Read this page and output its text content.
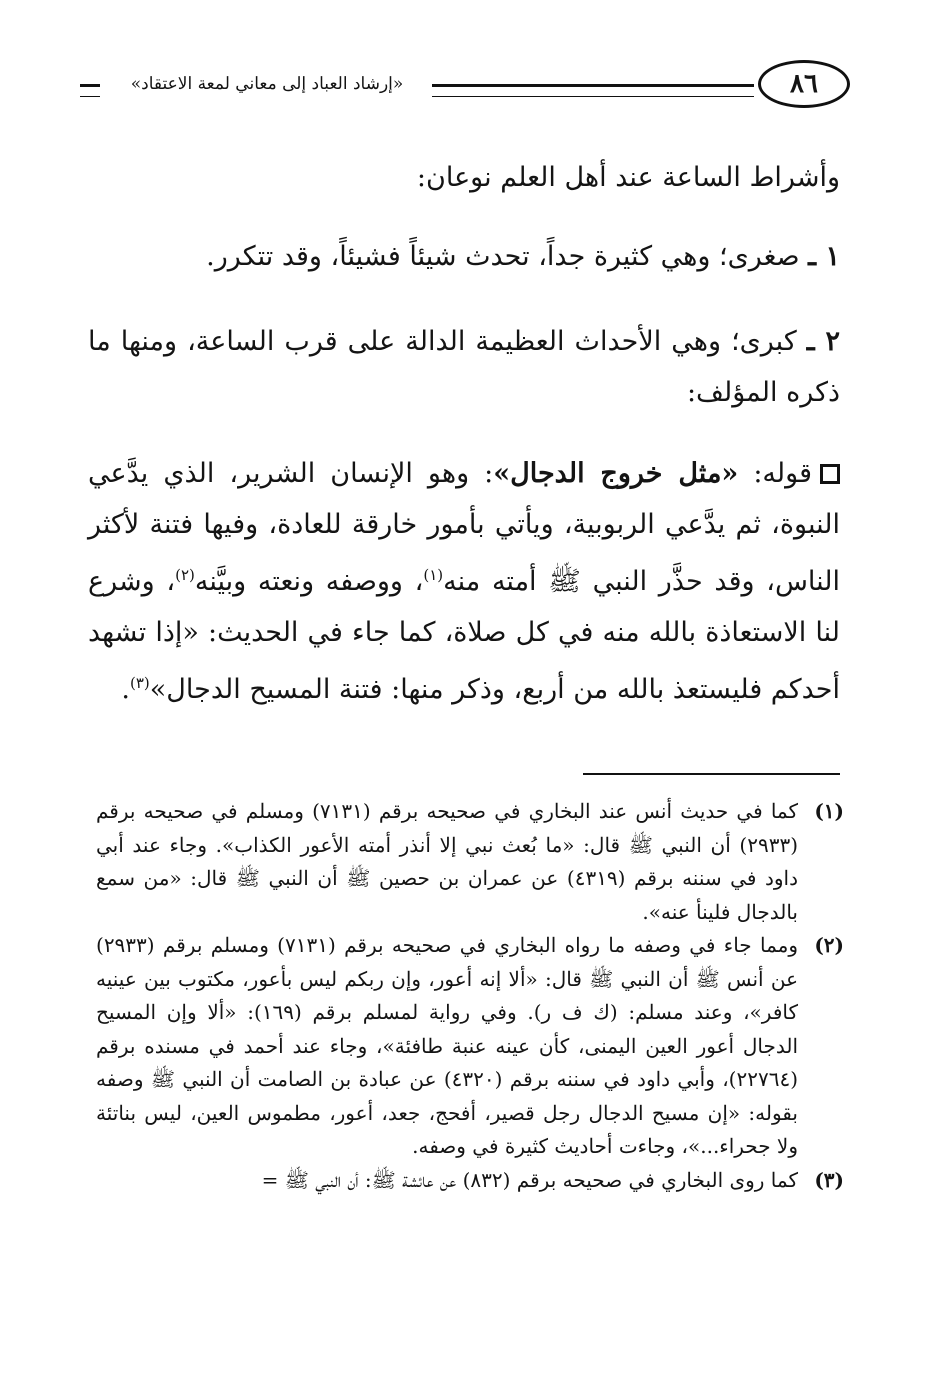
«إرشاد العباد إلى معاني لمعة الاعتقاد»	٨٦
وأشراط الساعة عند أهل العلم نوعان:
١ ـ صغرى؛ وهي كثيرة جداً، تحدث شيئاً فشيئاً، وقد تتكرر.
٢ ـ كبرى؛ وهي الأحداث العظيمة الدالة على قرب الساعة، ومنها ما ذكره المؤلف:
قوله: «مثل خروج الدجال»: وهو الإنسان الشرير، الذي يدَّعي النبوة، ثم يدَّعي الربوبية، ويأتي بأمور خارقة للعادة، وفيها فتنة لأكثر الناس، وقد حذَّر النبي ﷺ أمته منه$^{(١)}$، ووصفه ونعته وبيَّنه$^{(٢)}$، وشرع لنا الاستعاذة بالله منه في كل صلاة، كما جاء في الحديث: «إذا تشهد أحدكم فليستعذ بالله من أربع، وذكر منها: فتنة المسيح الدجال»$^{(٣)}$.
(١)
كما في حديث أنس عند البخاري في صحيحه برقم (٧١٣١) ومسلم في صحيحه برقم (٢٩٣٣) أن النبي ﷺ قال: «ما بُعث نبي إلا أنذر أمته الأعور الكذاب». وجاء عند أبي داود في سننه برقم (٤٣١٩) عن عمران بن حصين ﷺ أن النبي ﷺ قال: «من سمع بالدجال فلينأ عنه».
(٢)
ومما جاء في وصفه ما رواه البخاري في صحيحه برقم (٧١٣١) ومسلم برقم (٢٩٣٣) عن أنس ﷺ أن النبي ﷺ قال: «ألا إنه أعور، وإن ربكم ليس بأعور، مكتوب بين عينيه كافر»، وعند مسلم: (ك ف ر). وفي رواية لمسلم برقم (١٦٩): «ألا وإن المسيح الدجال أعور العين اليمنى، كأن عينه عنبة طافئة»، وجاء عند أحمد في مسنده برقم (٢٢٧٦٤)، وأبي داود في سننه برقم (٤٣٢٠) عن عبادة بن الصامت أن النبي ﷺ وصفه بقوله: «إن مسيح الدجال رجل قصير، أفحج، جعد، أعور، مطموس العين، ليس بناتئة ولا جحراء...»، وجاءت أحاديث كثيرة في وصفه.
(٣)
كما روى البخاري في صحيحه برقم (٨٣٢) عن عائشة ﷺ: أن النبي ﷺ =
